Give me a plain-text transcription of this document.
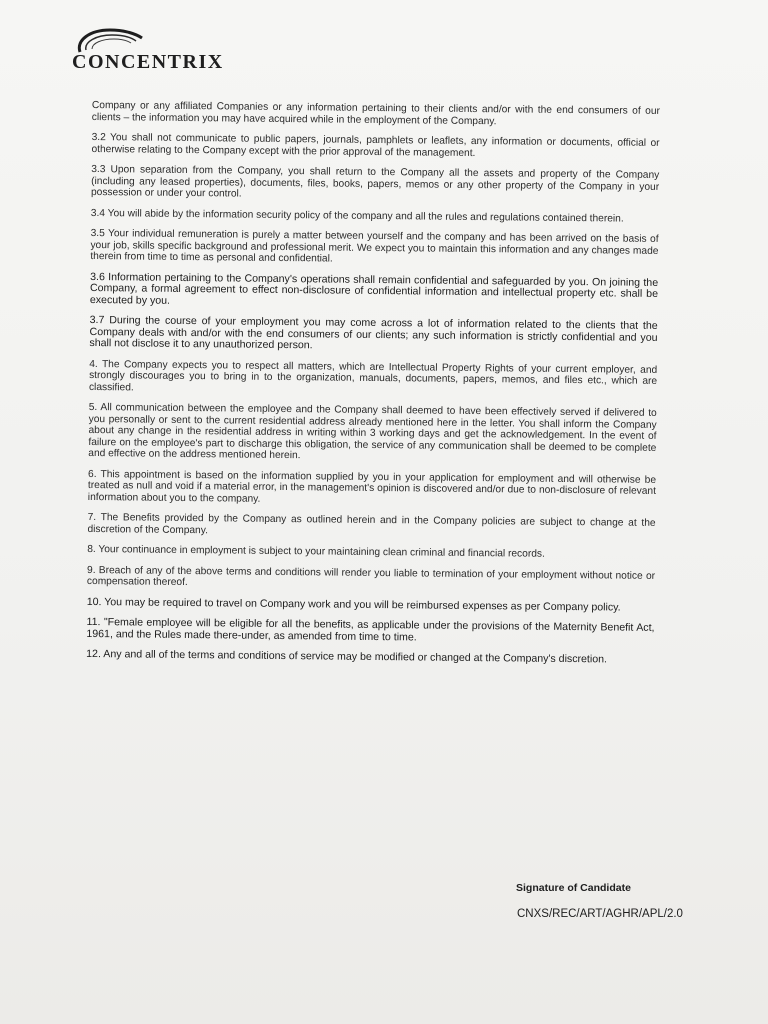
CONCENTRIX

Company or any affiliated Companies or any information pertaining to their clients and/or with the end consumers of our clients – the information you may have acquired while in the employment of the Company.

3.2 You shall not communicate to public papers, journals, pamphlets or leaflets, any information or documents, official or otherwise relating to the Company except with the prior approval of the management.

3.3 Upon separation from the Company, you shall return to the Company all the assets and property of the Company (including any leased properties), documents, files, books, papers, memos or any other property of the Company in your possession or under your control.

3.4 You will abide by the information security policy of the company and all the rules and regulations contained therein.

3.5 Your individual remuneration is purely a matter between yourself and the company and has been arrived on the basis of your job, skills specific background and professional merit. We expect you to maintain this information and any changes made therein from time to time as personal and confidential.

3.6 Information pertaining to the Company's operations shall remain confidential and safeguarded by you. On joining the Company, a formal agreement to effect non-disclosure of confidential information and intellectual property etc. shall be executed by you.

3.7 During the course of your employment you may come across a lot of information related to the clients that the Company deals with and/or with the end consumers of our clients; any such information is strictly confidential and you shall not disclose it to any unauthorized person.

4. The Company expects you to respect all matters, which are Intellectual Property Rights of your current employer, and strongly discourages you to bring in to the organization, manuals, documents, papers, memos, and files etc., which are classified.

5. All communication between the employee and the Company shall deemed to have been effectively served if delivered to you personally or sent to the current residential address already mentioned here in the letter. You shall inform the Company about any change in the residential address in writing within 3 working days and get the acknowledgement. In the event of failure on the employee's part to discharge this obligation, the service of any communication shall be deemed to be complete and effective on the address mentioned herein.

6. This appointment is based on the information supplied by you in your application for employment and will otherwise be treated as null and void if a material error, in the management's opinion is discovered and/or due to non-disclosure of relevant information about you to the company.

7. The Benefits provided by the Company as outlined herein and in the Company policies are subject to change at the discretion of the Company.

8. Your continuance in employment is subject to your maintaining clean criminal and financial records.

9. Breach of any of the above terms and conditions will render you liable to termination of your employment without notice or compensation thereof.

10. You may be required to travel on Company work and you will be reimbursed expenses as per Company policy.

11. "Female employee will be eligible for all the benefits, as applicable under the provisions of the Maternity Benefit Act, 1961, and the Rules made there-under, as amended from time to time.

12. Any and all of the terms and conditions of service may be modified or changed at the Company's discretion.

Signature of Candidate
CNXS/REC/ART/AGHR/APL/2.0
